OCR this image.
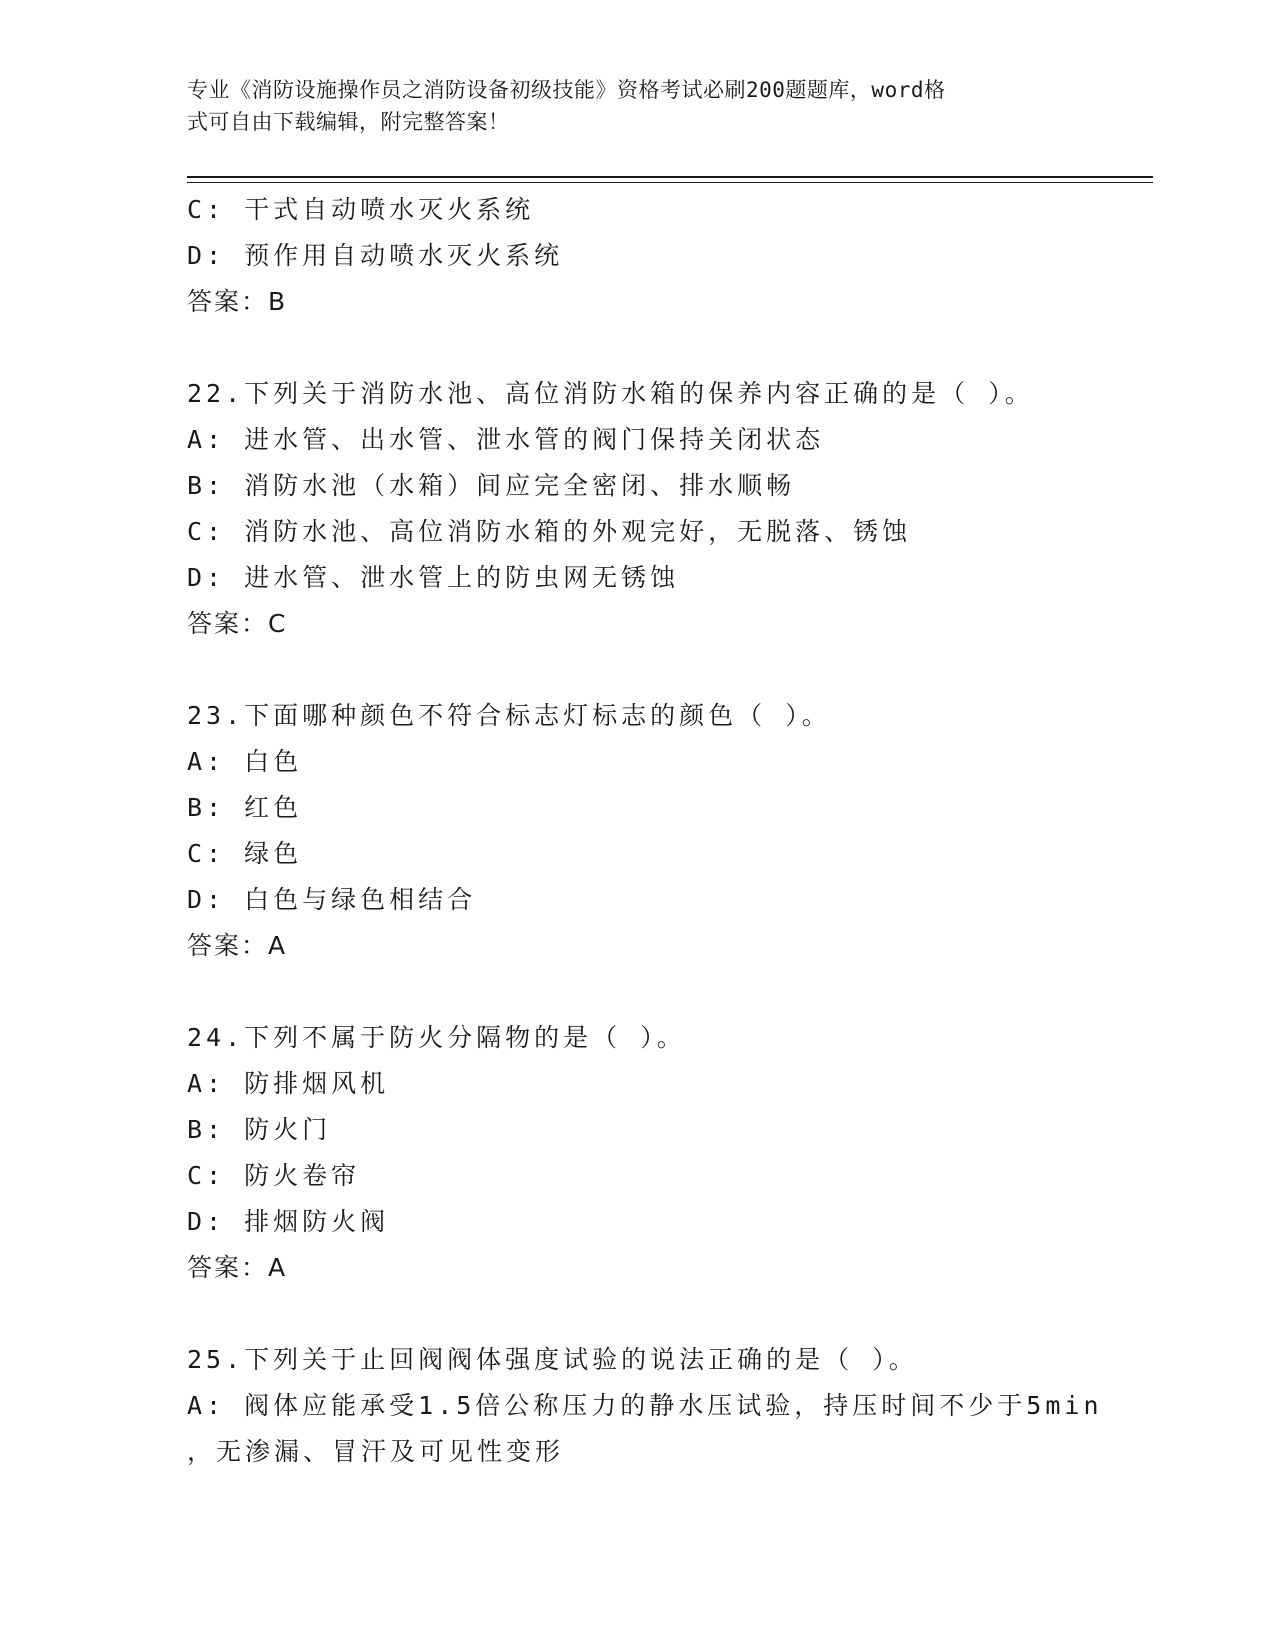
专业《消防设施操作员之消防设备初级技能》资格考试必刷200题题库，word格
式可自由下载编辑，附完整答案！
C: 干式自动喷水灭火系统
D: 预作用自动喷水灭火系统
答案：B
22.下列关于消防水池、高位消防水箱的保养内容正确的是（ ）。
A: 进水管、出水管、泄水管的阀门保持关闭状态
B: 消防水池（水箱）间应完全密闭、排水顺畅
C: 消防水池、高位消防水箱的外观完好，无脱落、锈蚀
D: 进水管、泄水管上的防虫网无锈蚀
答案：C
23.下面哪种颜色不符合标志灯标志的颜色（ ）。
A: 白色
B: 红色
C: 绿色
D: 白色与绿色相结合
答案：A
24.下列不属于防火分隔物的是（ ）。
A: 防排烟风机
B: 防火门
C: 防火卷帘
D: 排烟防火阀
答案：A
25.下列关于止回阀阀体强度试验的说法正确的是（ ）。
A: 阀体应能承受1.5倍公称压力的静水压试验，持压时间不少于5min
，无渗漏、冒汗及可见性变形
